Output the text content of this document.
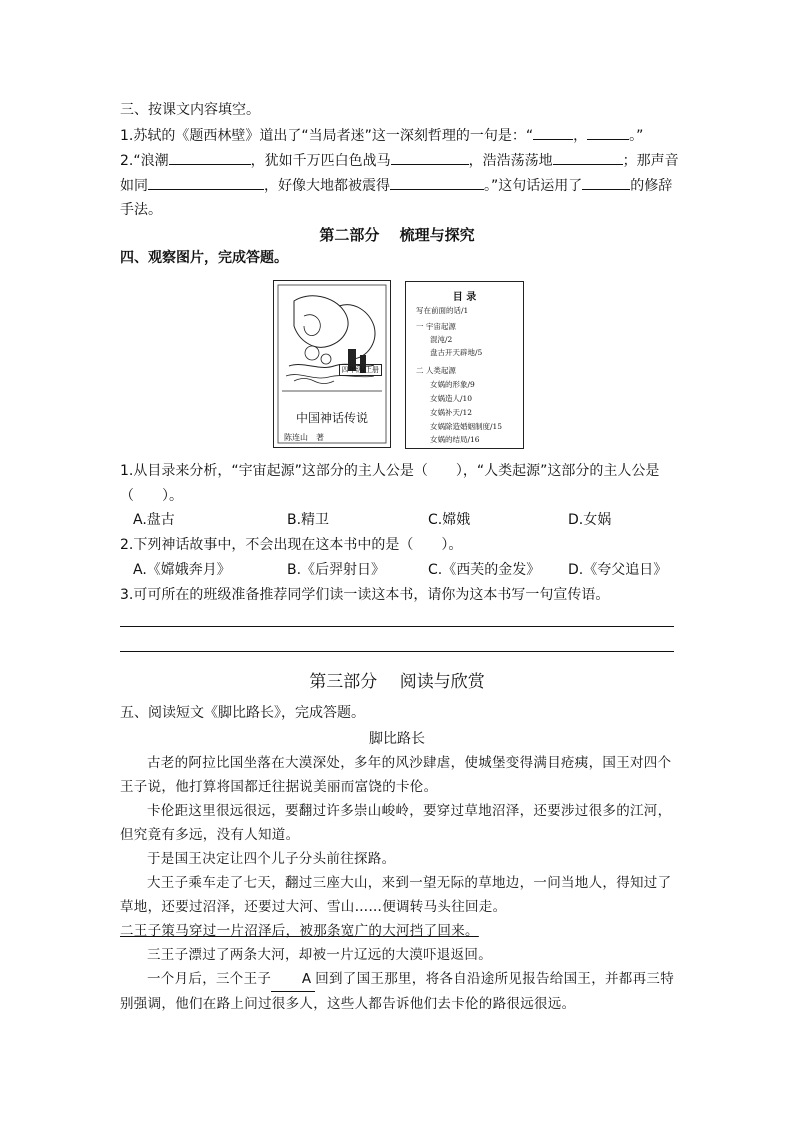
三、按课文内容填空。
1.苏轼的《题西林壁》道出了“当局者迷”这一深刻哲理的一句是：“	，	。”
2.“浪潮	，犹如千万匹白色战马	，浩浩荡荡地	；那声音
如同	，好像大地都被震得	。”这句话运用了	的修辞
手法。
第二部分　 梳理与探究
四、观察图片，完成答题。
四年级/上册
中国神话传说
陈连山　著
目 录
写在前面的话/1
一 宇宙起源
混沌/2
盘古开天辟地/5
二 人类起源
女娲的形象/9
女娲造人/10
女娲补天/12
女娲除造婚姻制度/15
女娲的结局/16
1.从目录来分析，“宇宙起源”这部分的主人公是（　　），“人类起源”这部分的主人公是
（　　）。
A.盘古	B.精卫	C.嫦娥	D.女娲
2.下列神话故事中，不会出现在这本书中的是（　　）。
A.《嫦娥奔月》	B.《后羿射日》	C.《西芙的金发》 D.《夸父追日》
3.可可所在的班级准备推荐同学们读一读这本书，请你为这本书写一句宣传语。
第三部分　 阅读与欣赏
五、阅读短文《脚比路长》，完成答题。
脚比路长

古老的阿拉比国坐落在大漠深处，多年的风沙肆虐，使城堡变得满目疮痍，国王对四个王子说，他打算将国都迁往据说美丽而富饶的卡伦。

卡伦距这里很远很远，要翻过许多崇山峻岭，要穿过草地沼泽，还要涉过很多的江河，但究竟有多远，没有人知道。

于是国王决定让四个儿子分头前往探路。

大王子乘车走了七天，翻过三座大山，来到一望无际的草地边，一问当地人，得知过了草地，还要过沼泽，还要过大河、雪山……便调转马头往回走。

二王子策马穿过一片沼泽后，被那条宽广的大河挡了回来。

三王子漂过了两条大河，却被一片辽远的大漠吓退返回。

一个月后，三个王子 A 回到了国王那里，将各自沿途所见报告给国王，并都再三特别强调，他们在路上问过很多人，这些人都告诉他们去卡伦的路很远很远。
